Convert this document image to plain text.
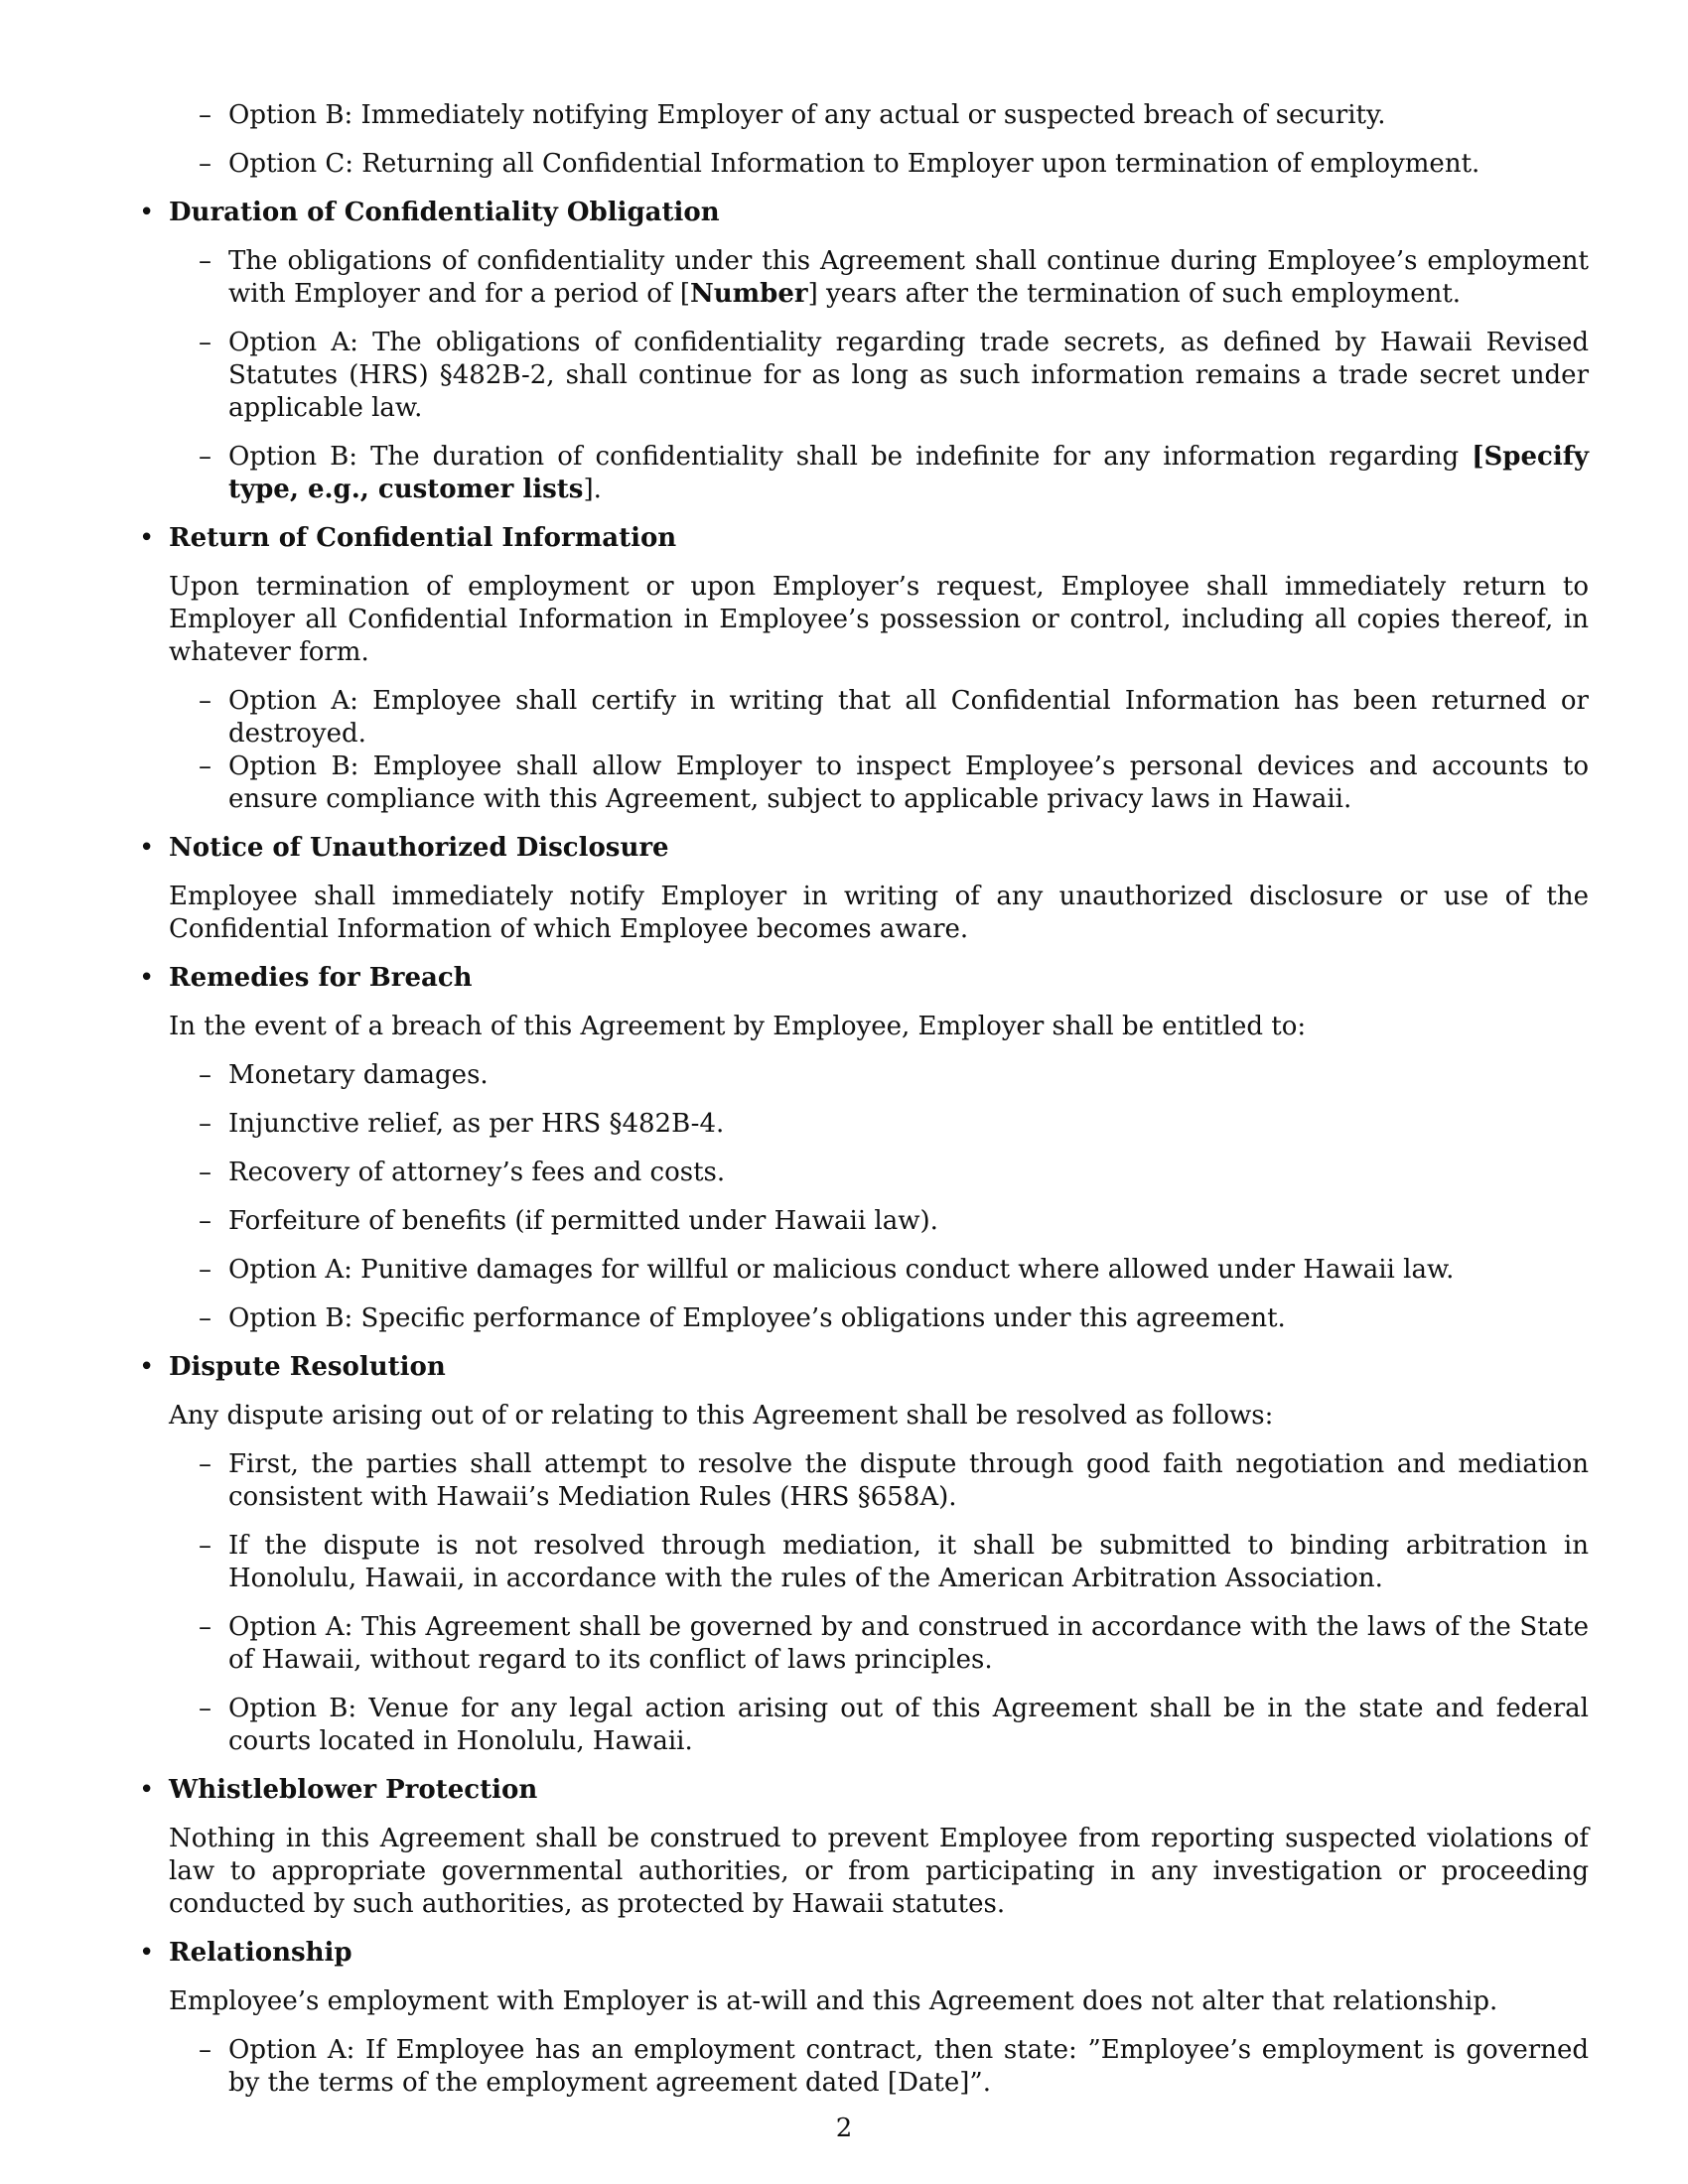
– Option B: Immediately notifying Employer of any actual or suspected breach of security.
– Option C: Returning all Confidential Information to Employer upon termination of employment.
• Duration of Confidentiality Obligation
– The obligations of confidentiality under this Agreement shall continue during Employee’s employment with Employer and for a period of [Number] years after the termination of such employment.
– Option A: The obligations of confidentiality regarding trade secrets, as defined by Hawaii Revised Statutes (HRS) §482B-2, shall continue for as long as such information remains a trade secret under applicable law.
– Option B: The duration of confidentiality shall be indefinite for any information regarding [Specify type, e.g., customer lists].
• Return of Confidential Information
Upon termination of employment or upon Employer’s request, Employee shall immediately return to Employer all Confidential Information in Employee’s possession or control, including all copies thereof, in whatever form.
– Option A: Employee shall certify in writing that all Confidential Information has been returned or destroyed.
– Option B: Employee shall allow Employer to inspect Employee’s personal devices and accounts to ensure compliance with this Agreement, subject to applicable privacy laws in Hawaii.
• Notice of Unauthorized Disclosure
Employee shall immediately notify Employer in writing of any unauthorized disclosure or use of the Confidential Information of which Employee becomes aware.
• Remedies for Breach
In the event of a breach of this Agreement by Employee, Employer shall be entitled to:
– Monetary damages.
– Injunctive relief, as per HRS §482B-4.
– Recovery of attorney’s fees and costs.
– Forfeiture of benefits (if permitted under Hawaii law).
– Option A: Punitive damages for willful or malicious conduct where allowed under Hawaii law.
– Option B: Specific performance of Employee’s obligations under this agreement.
• Dispute Resolution
Any dispute arising out of or relating to this Agreement shall be resolved as follows:
– First, the parties shall attempt to resolve the dispute through good faith negotiation and mediation consistent with Hawaii’s Mediation Rules (HRS §658A).
– If the dispute is not resolved through mediation, it shall be submitted to binding arbitration in Honolulu, Hawaii, in accordance with the rules of the American Arbitration Association.
– Option A: This Agreement shall be governed by and construed in accordance with the laws of the State of Hawaii, without regard to its conflict of laws principles.
– Option B: Venue for any legal action arising out of this Agreement shall be in the state and federal courts located in Honolulu, Hawaii.
• Whistleblower Protection
Nothing in this Agreement shall be construed to prevent Employee from reporting suspected violations of law to appropriate governmental authorities, or from participating in any investigation or proceeding conducted by such authorities, as protected by Hawaii statutes.
• Relationship
Employee’s employment with Employer is at-will and this Agreement does not alter that relationship.
– Option A: If Employee has an employment contract, then state: ”Employee’s employment is governed by the terms of the employment agreement dated [Date]”.
2
